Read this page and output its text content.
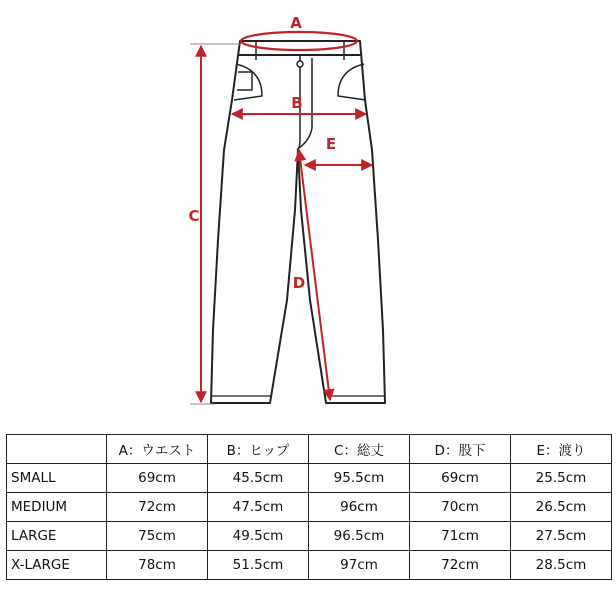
A
B
C
D
E
	A：ウエスト	B：ヒップ	C：総丈	D：股下	E：渡り
SMALL	69cm	45.5cm	95.5cm	69cm	25.5cm
MEDIUM	72cm	47.5cm	96cm	70cm	26.5cm
LARGE	75cm	49.5cm	96.5cm	71cm	27.5cm
X-LARGE	78cm	51.5cm	97cm	72cm	28.5cm
